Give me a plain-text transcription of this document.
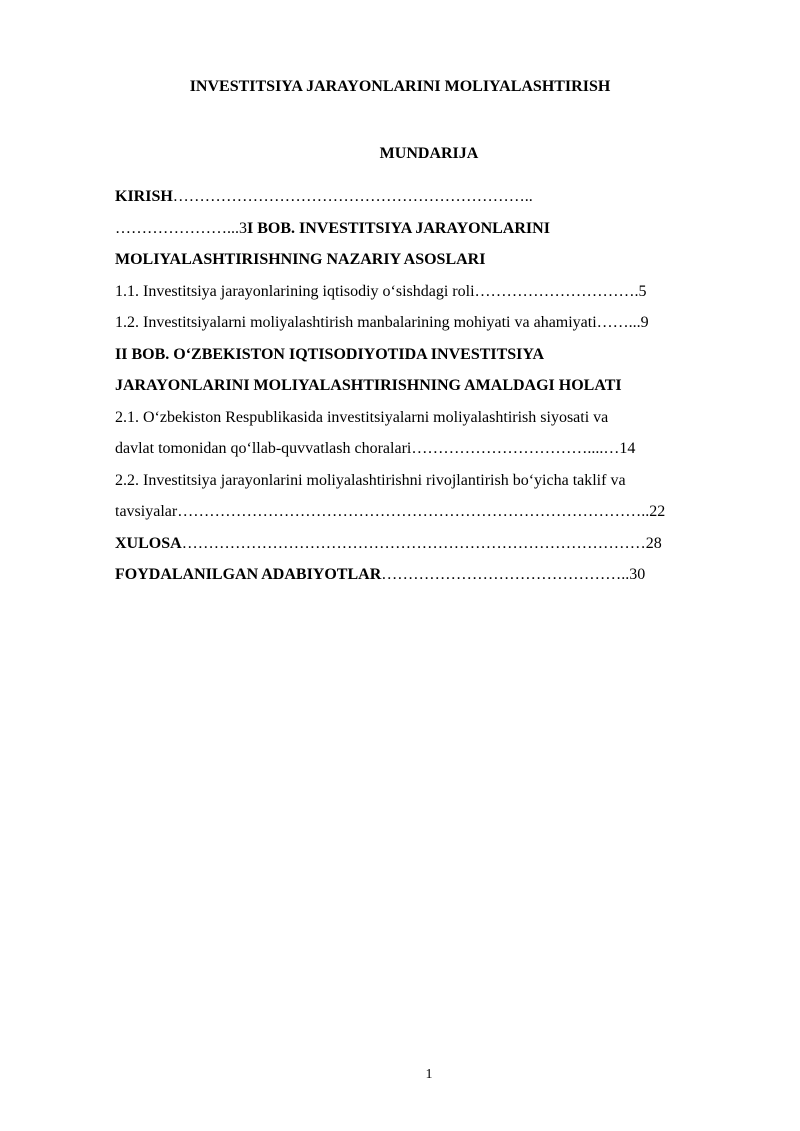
INVESTITSIYA JARAYONLARINI MOLIYALASHTIRISH
MUNDARIJA
KIRISH…………………………………………………………..
…………………...3I BOB. INVESTITSIYA JARAYONLARINI
MOLIYALASHTIRISHNING NAZARIY ASOSLARI
1.1. Investitsiya jarayonlarining iqtisodiy o‘sishdagi roli………………………….5
1.2. Investitsiyalarni moliyalashtirish manbalarining mohiyati va ahamiyati……...9
II BOB. O‘ZBEKISTON IQTISODIYOTIDA INVESTITSIYA
JARAYONLARINI MOLIYALASHTIRISHNING AMALDAGI HOLATI
2.1. O‘zbekiston Respublikasida investitsiyalarni moliyalashtirish siyosati va
davlat tomonidan qo‘llab-quvvatlash choralari……………………………....…14
2.2. Investitsiya jarayonlarini moliyalashtirishni rivojlantirish bo‘yicha taklif va
tavsiyalar……………………………………………………………………………..22
XULOSA……………………………………………………………………………28
FOYDALANILGAN ADABIYOTLAR………………………………………..30
1
